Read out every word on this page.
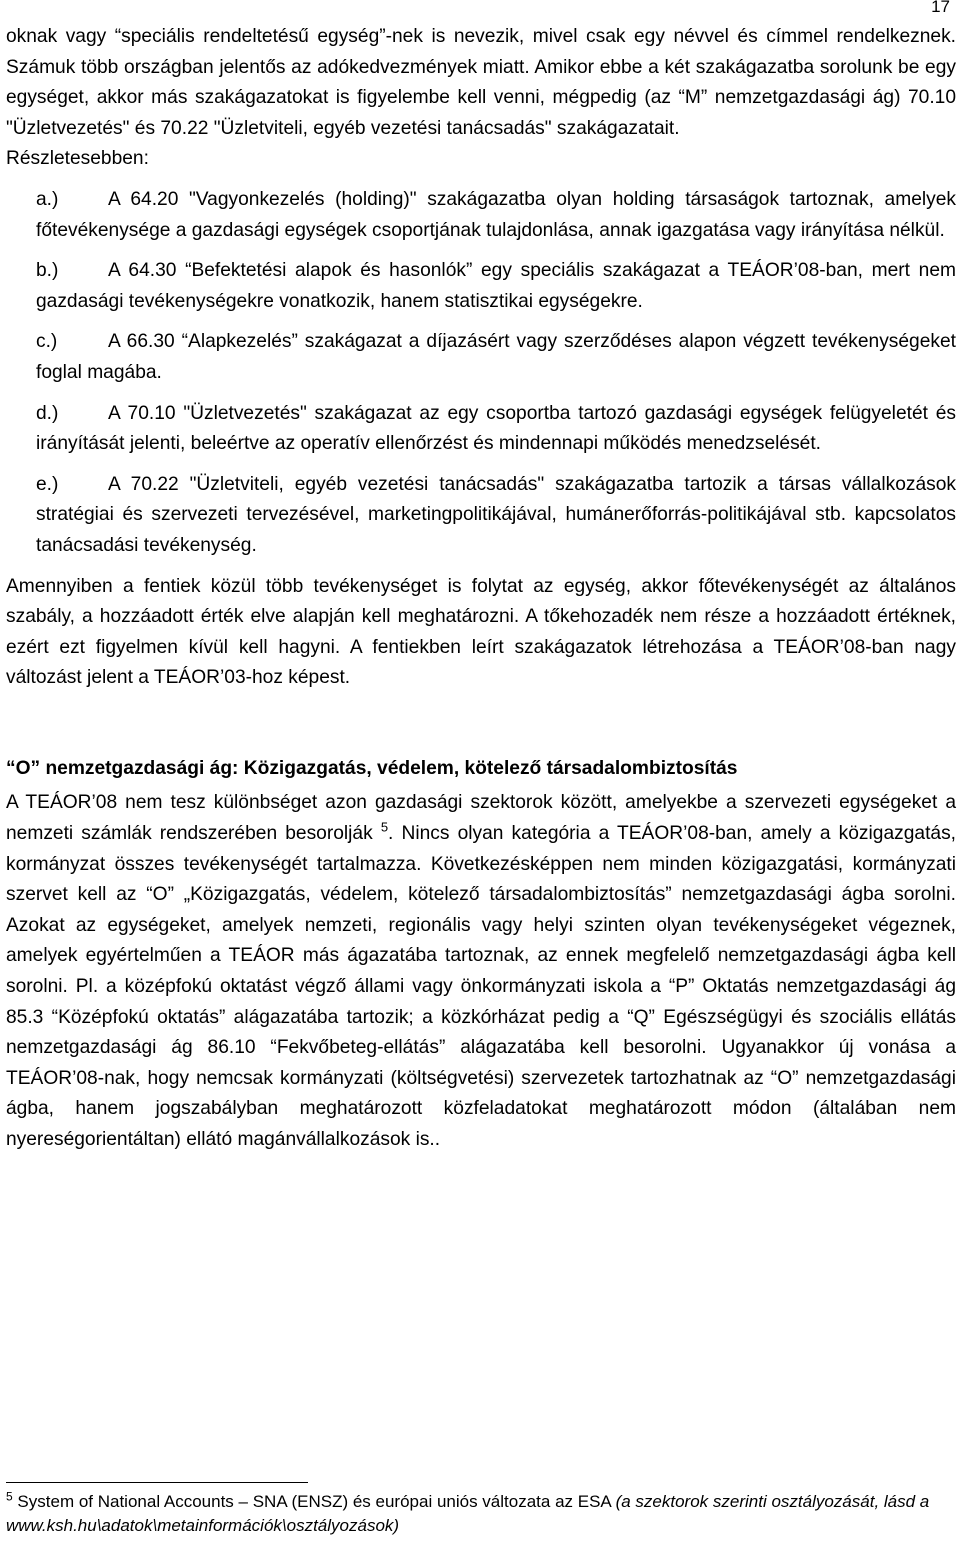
17

oknak vagy “speciális rendeltetésű egység”-nek is nevezik, mivel csak egy névvel és címmel rendelkeznek. Számuk több országban jelentős az adókedvezmények miatt. Amikor ebbe a két szakágazatba sorolunk be egy egységet, akkor más szakágazatokat is figyelembe kell venni, mégpedig (az “M” nemzetgazdasági ág) 70.10 "Üzletvezetés" és 70.22 "Üzletviteli, egyéb vezetési tanácsadás" szakágazatait.

Részletesebben:

a.)	A 64.20 "Vagyonkezelés (holding)" szakágazatba olyan holding társaságok tartoznak, amelyek főtevékenysége a gazdasági egységek csoportjának tulajdonlása, annak igazgatása vagy irányítása nélkül.

b.)	A 64.30 “Befektetési alapok és hasonlók” egy speciális szakágazat a TEÁOR’08-ban, mert nem gazdasági tevékenységekre vonatkozik, hanem statisztikai egységekre.

c.)	A 66.30 “Alapkezelés” szakágazat a díjazásért vagy szerződéses alapon végzett tevékenységeket foglal magába.

d.)	A 70.10 "Üzletvezetés" szakágazat az egy csoportba tartozó gazdasági egységek felügyeletét és irányítását jelenti, beleértve az operatív ellenőrzést és mindennapi működés menedzselését.

e.)	A 70.22 "Üzletviteli, egyéb vezetési tanácsadás" szakágazatba tartozik a társas vállalkozások stratégiai és szervezeti tervezésével, marketingpolitikájával, humánerőforrás-politikájával stb. kapcsolatos tanácsadási tevékenység.

Amennyiben a fentiek közül több tevékenységet is folytat az egység, akkor főtevékenységét az általános szabály, a hozzáadott érték elve alapján kell meghatározni. A tőkehozadék nem része a hozzáadott értéknek, ezért ezt figyelmen kívül kell hagyni. A fentiekben leírt szakágazatok létrehozása a TEÁOR’08-ban nagy változást jelent a TEÁOR’03-hoz képest.

“O” nemzetgazdasági ág: Közigazgatás, védelem, kötelező társadalombiztosítás

A TEÁOR’08 nem tesz különbséget azon gazdasági szektorok között, amelyekbe a szervezeti egységeket a nemzeti számlák rendszerében besorolják $^5$. Nincs olyan kategória a TEÁOR’08-ban, amely a közigazgatás, kormányzat összes tevékenységét tartalmazza. Következésképpen nem minden közigazgatási, kormányzati szervet kell az “O” „Közigazgatás, védelem, kötelező társadalombiztosítás” nemzetgazdasági ágba sorolni. Azokat az egységeket, amelyek nemzeti, regionális vagy helyi szinten olyan tevékenységeket végeznek, amelyek egyértelműen a TEÁOR más ágazatába tartoznak, az ennek megfelelő nemzetgazdasági ágba kell sorolni. Pl. a középfokú oktatást végző állami vagy önkormányzati iskola a “P” Oktatás nemzetgazdasági ág 85.3 “Középfokú oktatás” alágazatába tartozik; a közkórházat pedig a “Q” Egészségügyi és szociális ellátás nemzetgazdasági ág 86.10 “Fekvőbeteg-ellátás” alágazatába kell besorolni. Ugyanakkor új vonása a TEÁOR’08-nak, hogy nemcsak kormányzati (költségvetési) szervezetek tartozhatnak az “O” nemzetgazdasági ágba, hanem jogszabályban meghatározott közfeladatokat meghatározott módon (általában nem nyereségorientáltan) ellátó magánvállalkozások is..

$^5$ System of National Accounts – SNA (ENSZ) és európai uniós változata az ESA (a szektorok szerinti osztályozását, lásd a www.ksh.hu\adatok\metainformációk\osztályozások)
